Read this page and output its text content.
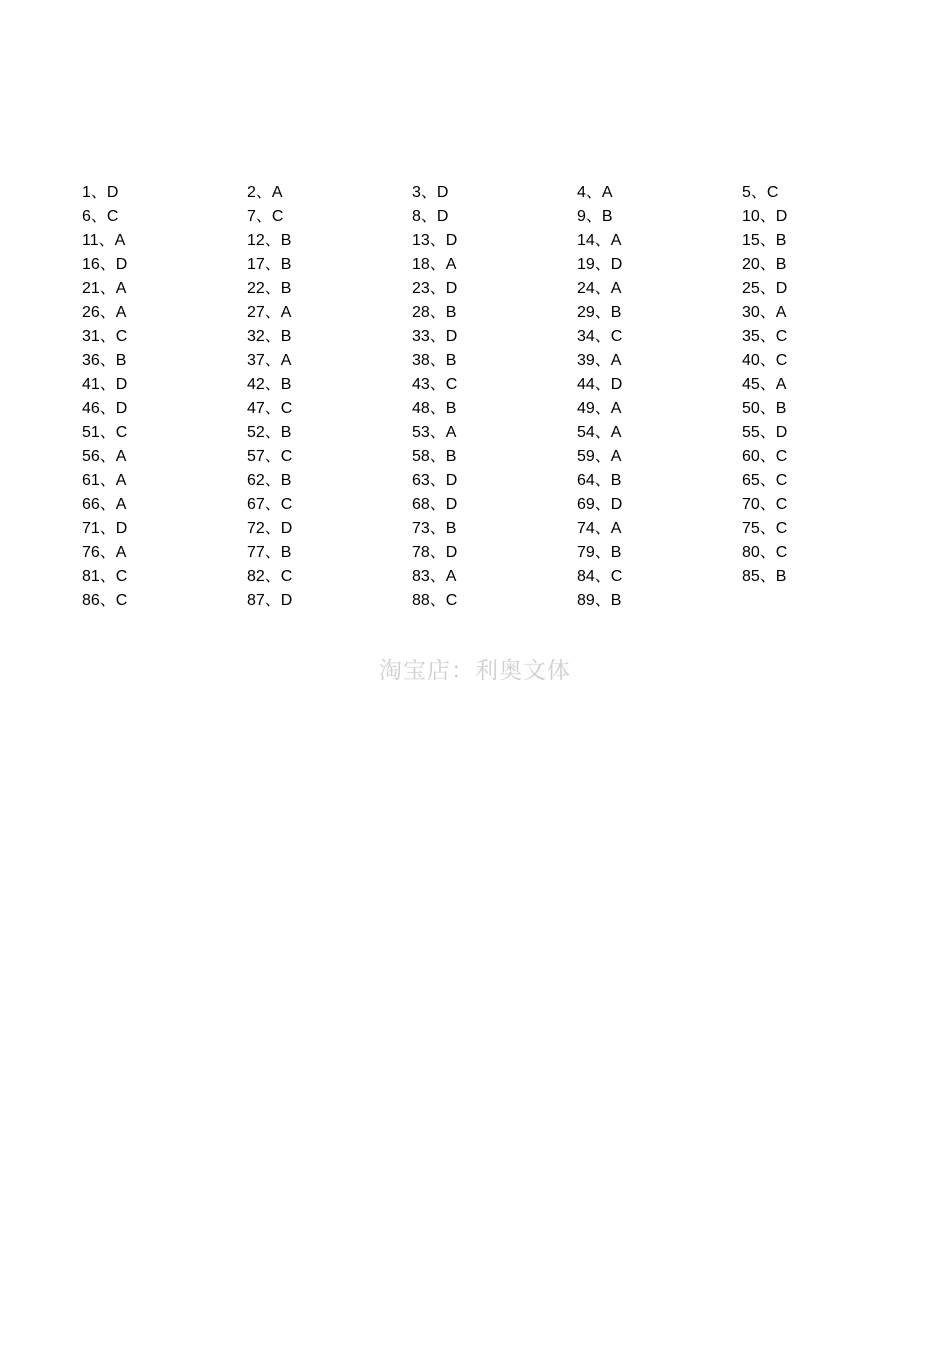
1、D	2、A	3、D	4、A	5、C
6、C	7、C	8、D	9、B	10、D
11、A	12、B	13、D	14、A	15、B
16、D	17、B	18、A	19、D	20、B
21、A	22、B	23、D	24、A	25、D
26、A	27、A	28、B	29、B	30、A
31、C	32、B	33、D	34、C	35、C
36、B	37、A	38、B	39、A	40、C
41、D	42、B	43、C	44、D	45、A
46、D	47、C	48、B	49、A	50、B
51、C	52、B	53、A	54、A	55、D
56、A	57、C	58、B	59、A	60、C
61、A	62、B	63、D	64、B	65、C
66、A	67、C	68、D	69、D	70、C
71、D	72、D	73、B	74、A	75、C
76、A	77、B	78、D	79、B	80、C
81、C	82、C	83、A	84、C	85、B
86、C	87、D	88、C	89、B
淘宝店：利奥文体
